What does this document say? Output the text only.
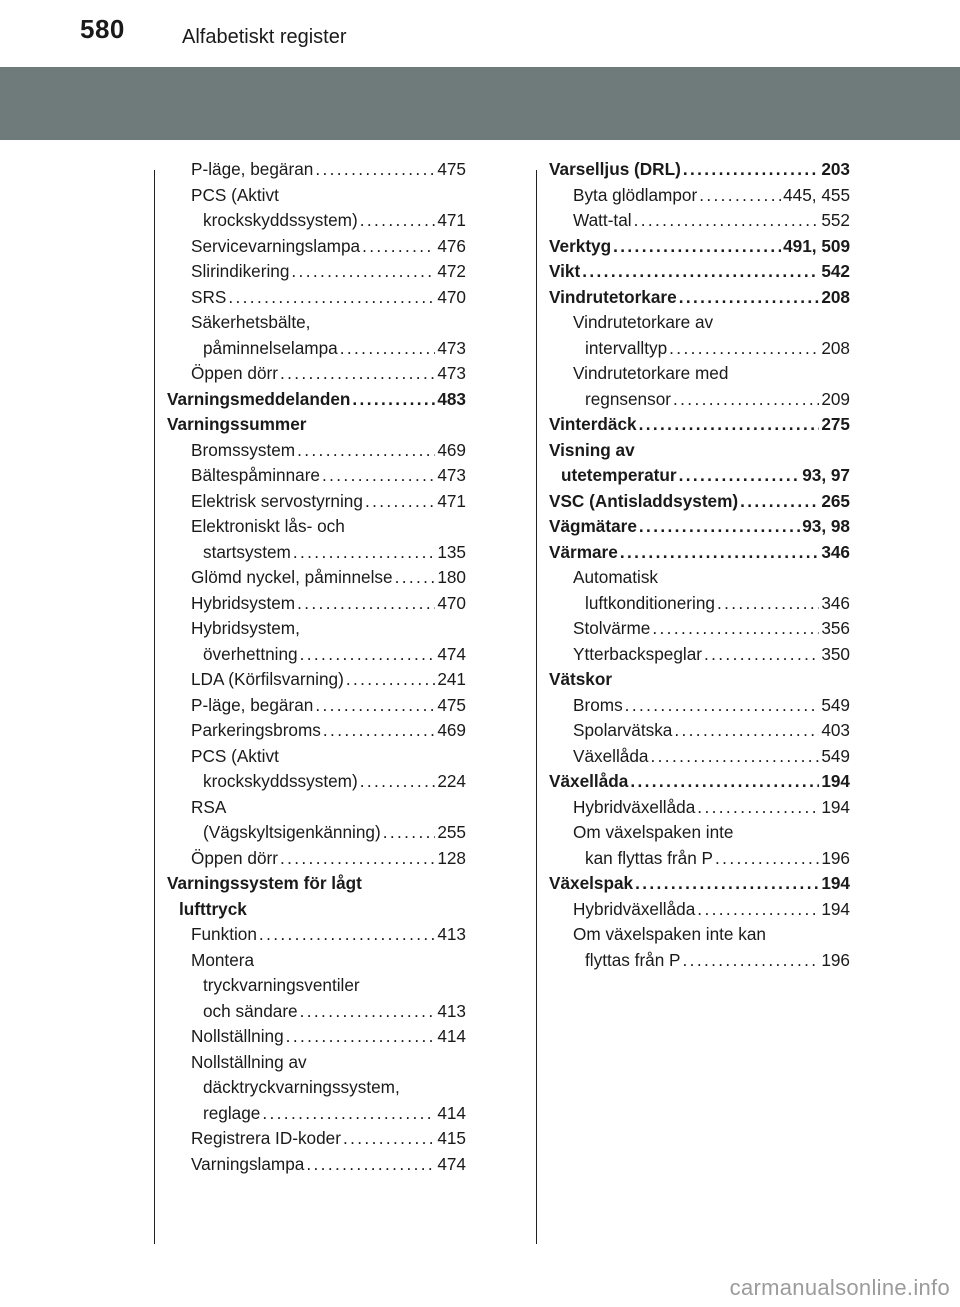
580	Alfabetiskt register
P-läge, begäran . . .	475
PCS (Aktivt
krockskyddssystem) . . .	471
Servicevarningslampa . . .	476
Slirindikering . . .	472
SRS . . .	470
Säkerhetsbälte,
påminnelselampa . . .	473
Öppen dörr . . .	473
Varningsmeddelanden . . .	483
Varningssummer
Bromssystem . . .	469
Bältespåminnare . . .	473
Elektrisk servostyrning . . .	471
Elektroniskt lås- och
startsystem . . .	135
Glömd nyckel, påminnelse . . .	180
Hybridsystem . . .	470
Hybridsystem,
överhettning . . .	474
LDA (Körfilsvarning) . . .	241
P-läge, begäran . . .	475
Parkeringsbroms . . .	469
PCS (Aktivt
krockskyddssystem) . . .	224
RSA
(Vägskyltsigenkänning) . . .	255
Öppen dörr . . .	128
Varningssystem för lågt
lufttryck
Funktion . . .	413
Montera
tryckvarningsventiler
och sändare . . .	413
Nollställning . . .	414
Nollställning av
däcktryckvarningssystem,
reglage . . .	414
Registrera ID-koder . . .	415
Varningslampa . . .	474
Varselljus (DRL) . . .	203
Byta glödlampor . . .	445, 455
Watt-tal . . .	552
Verktyg . . .	491, 509
Vikt . . .	542
Vindrutetorkare . . .	208
Vindrutetorkare av
intervalltyp . . .	208
Vindrutetorkare med
regnsensor . . .	209
Vinterdäck . . .	275
Visning av
utetemperatur . . .	93, 97
VSC (Antisladdsystem) . . .	265
Vägmätare . . .	93, 98
Värmare . . .	346
Automatisk
luftkonditionering . . .	346
Stolvärme . . .	356
Ytterbackspeglar . . .	350
Vätskor
Broms . . .	549
Spolarvätska . . .	403
Växellåda . . .	549
Växellåda . . .	194
Hybridväxellåda . . .	194
Om växelspaken inte
kan flyttas från P . . .	196
Växelspak . . .	194
Hybridväxellåda . . .	194
Om växelspaken inte kan
flyttas från P . . .	196
carmanualsonline.info
